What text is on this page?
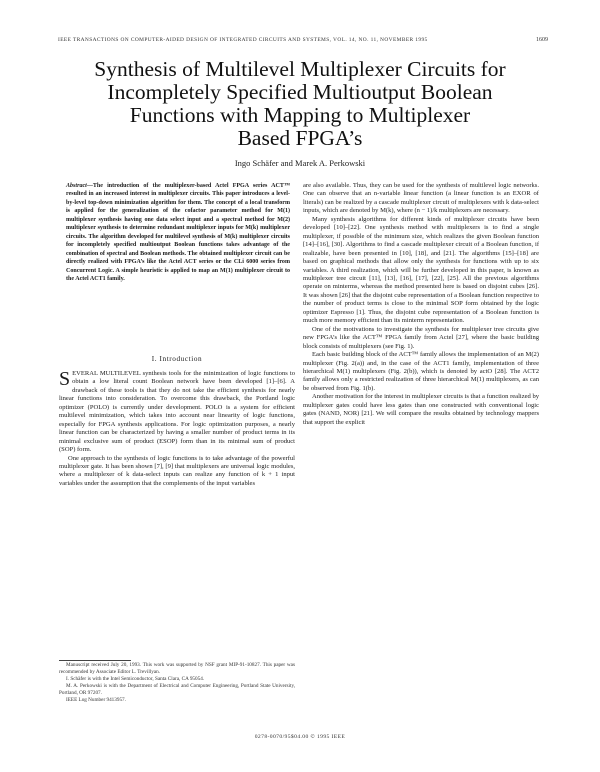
IEEE TRANSACTIONS ON COMPUTER-AIDED DESIGN OF INTEGRATED CIRCUITS AND SYSTEMS, VOL. 14, NO. 11, NOVEMBER 1995	1609
Synthesis of Multilevel Multiplexer Circuits for
Incompletely Specified Multioutput Boolean
Functions with Mapping to Multiplexer
Based FPGA’s
Ingo Schäfer and Marek A. Perkowski
Abstract—The introduction of the multiplexer-based Actel FPGA series ACT™ resulted in an increased interest in multiplexer circuits. This paper introduces a level-by-level top-down minimization algorithm for them. The concept of a local transform is applied for the generalization of the cofactor parameter method for M(1) multiplexer synthesis having one data select input and a spectral method for M(2) multiplexer synthesis to determine redundant multiplexer inputs for M(k) multiplexer circuits. The algorithm developed for multilevel synthesis of M(k) multiplexer circuits for incompletely specified multioutput Boolean functions takes advantage of the combination of spectral and Boolean methods. The obtained multiplexer circuit can be directly realized with FPGA’s like the Actel ACT series or the CLi 6000 series from Concurrent Logic. A simple heuristic is applied to map an M(1) multiplexer circuit to the Actel ACT1 family.
I. Introduction

SEVERAL MULTILEVEL synthesis tools for the minimization of logic functions to obtain a low literal count Boolean network have been developed [1]–[6]. A drawback of these tools is that they do not take the efficient synthesis for nearly linear functions into consideration. To overcome this drawback, the Portland logic optimizer (POLO) is currently under development. POLO is a system for efficient multilevel minimization, which takes into account near linearity of logic functions, especially for FPGA synthesis applications. For logic optimization purposes, a nearly linear function can be characterized by having a smaller number of product terms in its minimal exclusive sum of product (ESOP) form than in its minimal sum of product (SOP) form.

One approach to the synthesis of logic functions is to take advantage of the powerful multiplexer gate. It has been shown [7], [9] that multiplexers are universal logic modules, where a multiplexer of k data-select inputs can realize any function of k + 1 input variables under the assumption that the complements of the input variables

Manuscript received July 20, 1993. This work was supported by NSF grant MIP-91-10827. This paper was recommended by Associate Editor L. Trevillyan.

I. Schäfer is with the Intel Semiconductor, Santa Clara, CA 95054.

M. A. Perkowski is with the Department of Electrical and Computer Engineering, Portland State University, Portland, OR 97207.

IEEE Log Number 9413957.

are also available. Thus, they can be used for the synthesis of multilevel logic networks. One can observe that an n-variable linear function (a linear function is an EXOR of literals) can be realized by a cascade multiplexer circuit of multiplexers with k data-select inputs, which are denoted by M(k), where (n − 1)/k multiplexers are necessary.

Many synthesis algorithms for different kinds of multiplexer circuits have been developed [10]–[22]. One synthesis method with multiplexers is to find a single multiplexer, if possible of the minimum size, which realizes the given Boolean function [14]–[16], [30]. Algorithms to find a cascade multiplexer circuit of a Boolean function, if realizable, have been presented in [10], [18], and [21]. The algorithms [15]–[18] are based on graphical methods that allow only the synthesis for functions with up to six variables. A third realization, which will be further developed in this paper, is known as multiplexer tree circuit [11], [13], [16], [17], [22], [25]. All the previous algorithms operate on minterms, whereas the method presented here is based on disjoint cubes [26]. It was shown [26] that the disjoint cube representation of a Boolean function respective to the number of product terms is close to the minimal SOP form obtained by the logic optimizer Espresso [1]. Thus, the disjoint cube representation of a Boolean function is much more memory efficient than its minterm representation.

One of the motivations to investigate the synthesis for multiplexer tree circuits give new FPGA’s like the ACT™ FPGA family from Actel [27], where the basic building block consists of multiplexers (see Fig. 1).

Each basic building block of the ACT™ family allows the implementation of an M(2) multiplexer (Fig. 2(a)) and, in the case of the ACT1 family, implementation of three hierarchical M(1) multiplexers (Fig. 2(b)), which is denoted by actO [28]. The ACT2 family allows only a restricted realization of three hierarchical M(1) multiplexers, as can be observed from Fig. 1(b).

Another motivation for the interest in multiplexer circuits is that a function realized by multiplexer gates could have less gates than one constructed with conventional logic gates (NAND, NOR) [21]. We will compare the results obtained by technology mappers that support the explicit

0278-0070/95$04.00 © 1995 IEEE
